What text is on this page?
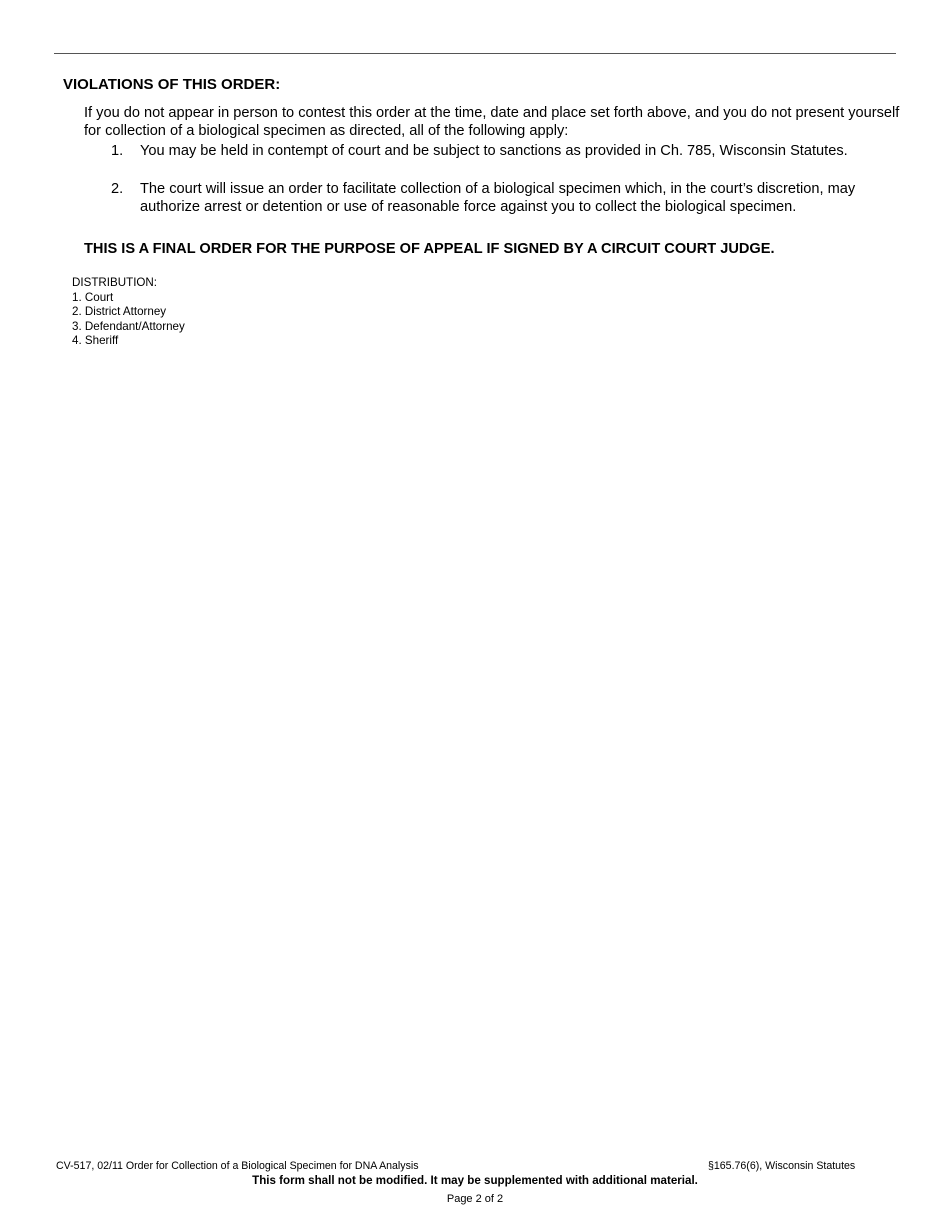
VIOLATIONS OF THIS ORDER:
If you do not appear in person to contest this order at the time, date and place set forth above, and you do not present yourself for collection of a biological specimen as directed, all of the following apply:
1.	You may be held in contempt of court and be subject to sanctions as provided in Ch. 785, Wisconsin Statutes.
2.	The court will issue an order to facilitate collection of a biological specimen which, in the court’s discretion, may authorize arrest or detention or use of reasonable force against you to collect the biological specimen.
THIS IS A FINAL ORDER FOR THE PURPOSE OF APPEAL IF SIGNED BY A CIRCUIT COURT JUDGE.
DISTRIBUTION:
1. Court
2. District Attorney
3. Defendant/Attorney
4. Sheriff
CV-517, 02/11 Order for Collection of a Biological Specimen for DNA Analysis	§165.76(6), Wisconsin Statutes
This form shall not be modified. It may be supplemented with additional material.
Page 2 of 2
